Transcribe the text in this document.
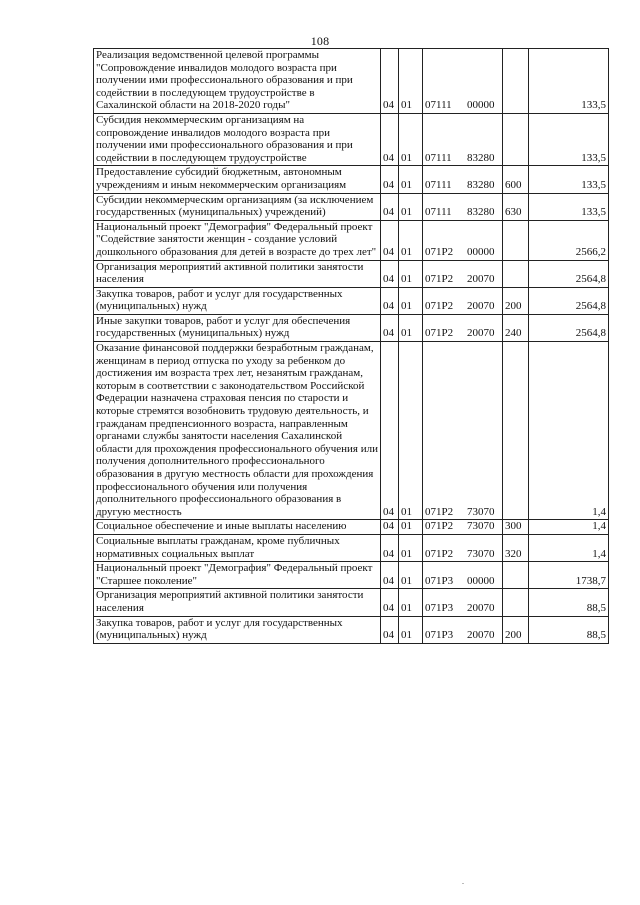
108
Реализация ведомственной целевой программы "Сопровождение инвалидов молодого возраста при получении ими профессионального образования и при содействии в последующем трудоустройстве в Сахалинской области на 2018-2020 годы"	04	01	07111 00000		133,5
Субсидия некоммерческим организациям на сопровождение инвалидов молодого возраста при получении ими профессионального образования и при содействии в последующем трудоустройстве	04	01	07111 83280		133,5
Предоставление субсидий бюджетным, автономным учреждениям и иным некоммерческим организациям	04	01	07111 83280	600	133,5
Субсидии некоммерческим организациям (за исключением государственных (муниципальных) учреждений)	04	01	07111 83280	630	133,5
Национальный проект "Демография" Федеральный проект "Содействие занятости женщин - создание условий дошкольного образования для детей в возрасте до трех лет"	04	01	071P2 00000		2566,2
Организация мероприятий активной политики занятости населения	04	01	071P2 20070		2564,8
Закупка товаров, работ и услуг для государственных (муниципальных) нужд	04	01	071P2 20070	200	2564,8
Иные закупки товаров, работ и услуг для обеспечения государственных (муниципальных) нужд	04	01	071P2 20070	240	2564,8
Оказание финансовой поддержки безработным гражданам, женщинам в период отпуска по уходу за ребенком до достижения им возраста трех лет, незанятым гражданам, которым в соответствии с законодательством Российской Федерации назначена страховая пенсия по старости и которые стремятся возобновить трудовую деятельность, и гражданам предпенсионного возраста, направленным органами службы занятости населения Сахалинской области для прохождения профессионального обучения или получения дополнительного профессионального образования в другую местность области для прохождения профессионального обучения или получения дополнительного профессионального образования в другую местность	04	01	071P2 73070		1,4
Социальное обеспечение и иные выплаты населению	04	01	071P2 73070	300	1,4
Социальные выплаты гражданам, кроме публичных нормативных социальных выплат	04	01	071P2 73070	320	1,4
Национальный проект "Демография" Федеральный проект "Старшее поколение"	04	01	071P3 00000		1738,7
Организация мероприятий активной политики занятости населения	04	01	071P3 20070		88,5
Закупка товаров, работ и услуг для государственных (муниципальных) нужд	04	01	071P3 20070	200	88,5
